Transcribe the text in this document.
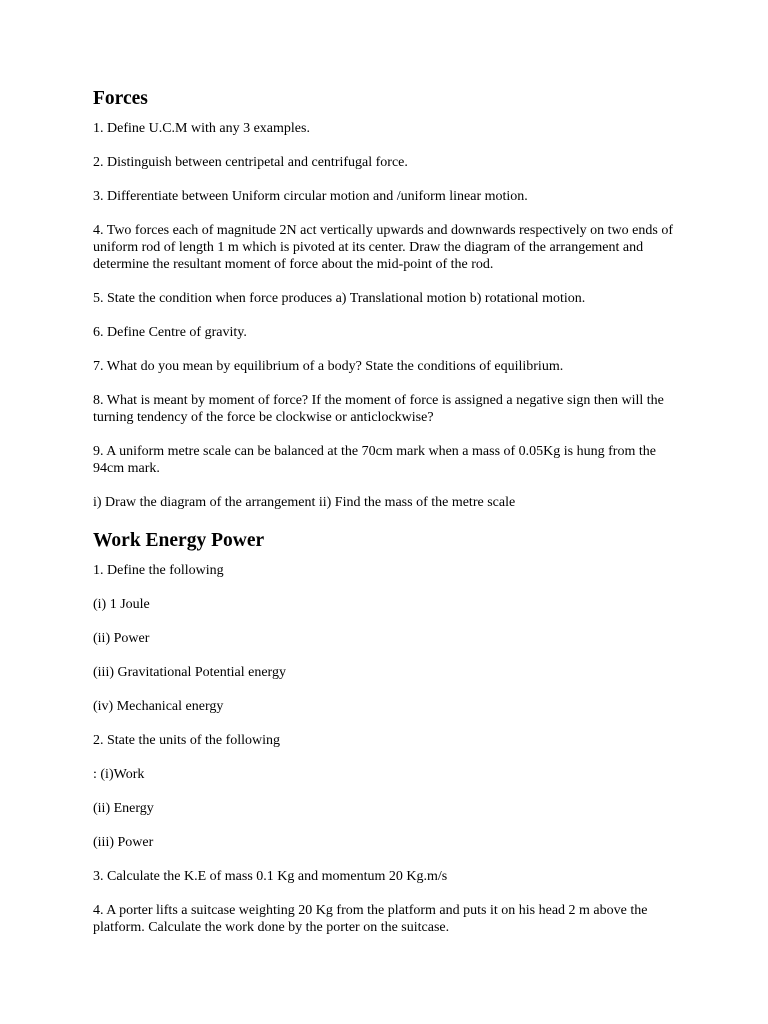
Forces

1. Define U.C.M with any 3 examples.

2. Distinguish between centripetal and centrifugal force.

3. Differentiate between Uniform circular motion and /uniform linear motion.

4. Two forces each of magnitude 2N act vertically upwards and downwards respectively on two ends of uniform rod of length 1 m which is pivoted at its center. Draw the diagram of the arrangement and determine the resultant moment of force about the mid-point of the rod.

5. State the condition when force produces a) Translational motion b) rotational motion.

6. Define Centre of gravity.

7. What do you mean by equilibrium of a body? State the conditions of equilibrium.

8. What is meant by moment of force? If the moment of force is assigned a negative sign then will the turning tendency of the force be clockwise or anticlockwise?

9. A uniform metre scale can be balanced at the 70cm mark when a mass of 0.05Kg is hung from the 94cm mark.

i) Draw the diagram of the arrangement ii) Find the mass of the metre scale

Work Energy Power

1. Define the following

(i) 1 Joule

(ii) Power

(iii) Gravitational Potential energy

(iv) Mechanical energy

2. State the units of the following

: (i)Work

(ii) Energy

(iii) Power

3. Calculate the K.E of mass 0.1 Kg and momentum 20 Kg.m/s

4. A porter lifts a suitcase weighting 20 Kg from the platform and puts it on his head 2 m above the platform. Calculate the work done by the porter on the suitcase.
